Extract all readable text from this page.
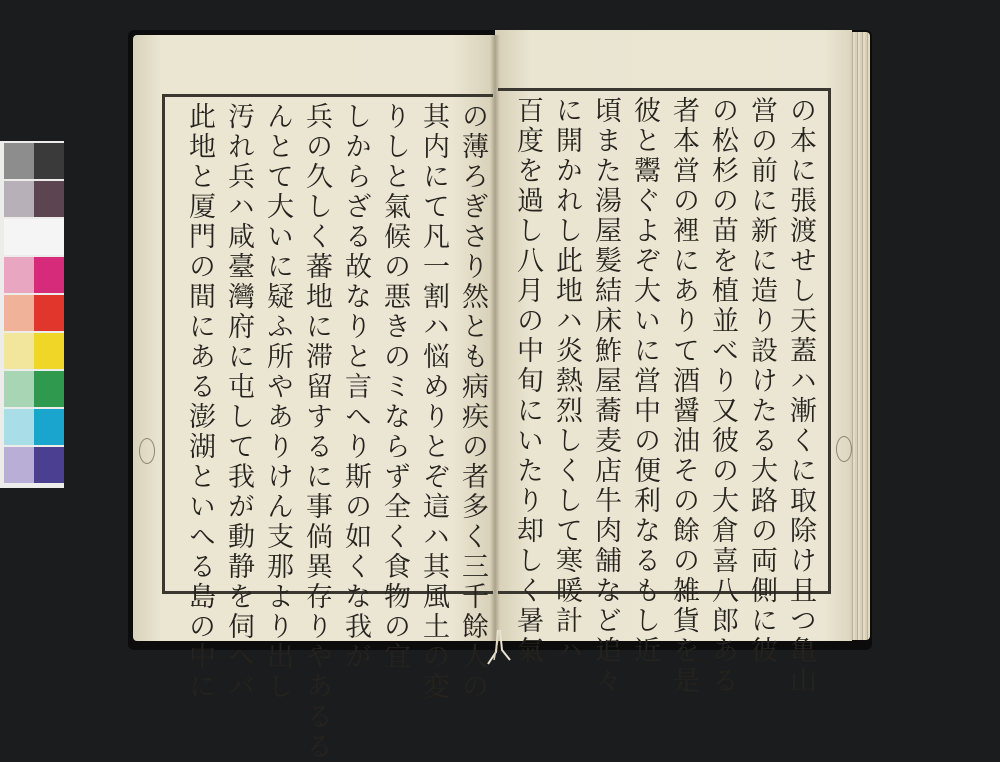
の本に張渡せし天蓋ハ漸くに取除け且つ亀山
営の前に新に造り設けたる大路の両側に彼
の松杉の苗を植並べり又彼の大倉喜八郎ある
者本営の裡にありて酒醤油その餘の雑貨を是
彼と鬻ぐよぞ大いに営中の便利なるもし近
頃また湯屋髪結床鮓屋蕎麦店牛肉舗など追々
に開かれし此地ハ炎熱烈しくして寒暖計ハ
百度を過し八月の中旬にいたり却しく暑氣
の薄ろぎさり然とも病疾の者多く三千餘人の
其内にて凡一割ハ悩めりとぞ這ハ其風土の変
りしと氣候の悪きのミならず全く食物の宜
しからざる故なりと言へり斯の如くな我が
兵の久しく蕃地に滞留するに事倘異存りやあるる
んとて大いに疑ふ所やありけん支那より出し
汚れ兵ハ咸臺灣府に屯して我が動静を伺へバ
此地と厦門の間にある澎湖といへる島の中に
